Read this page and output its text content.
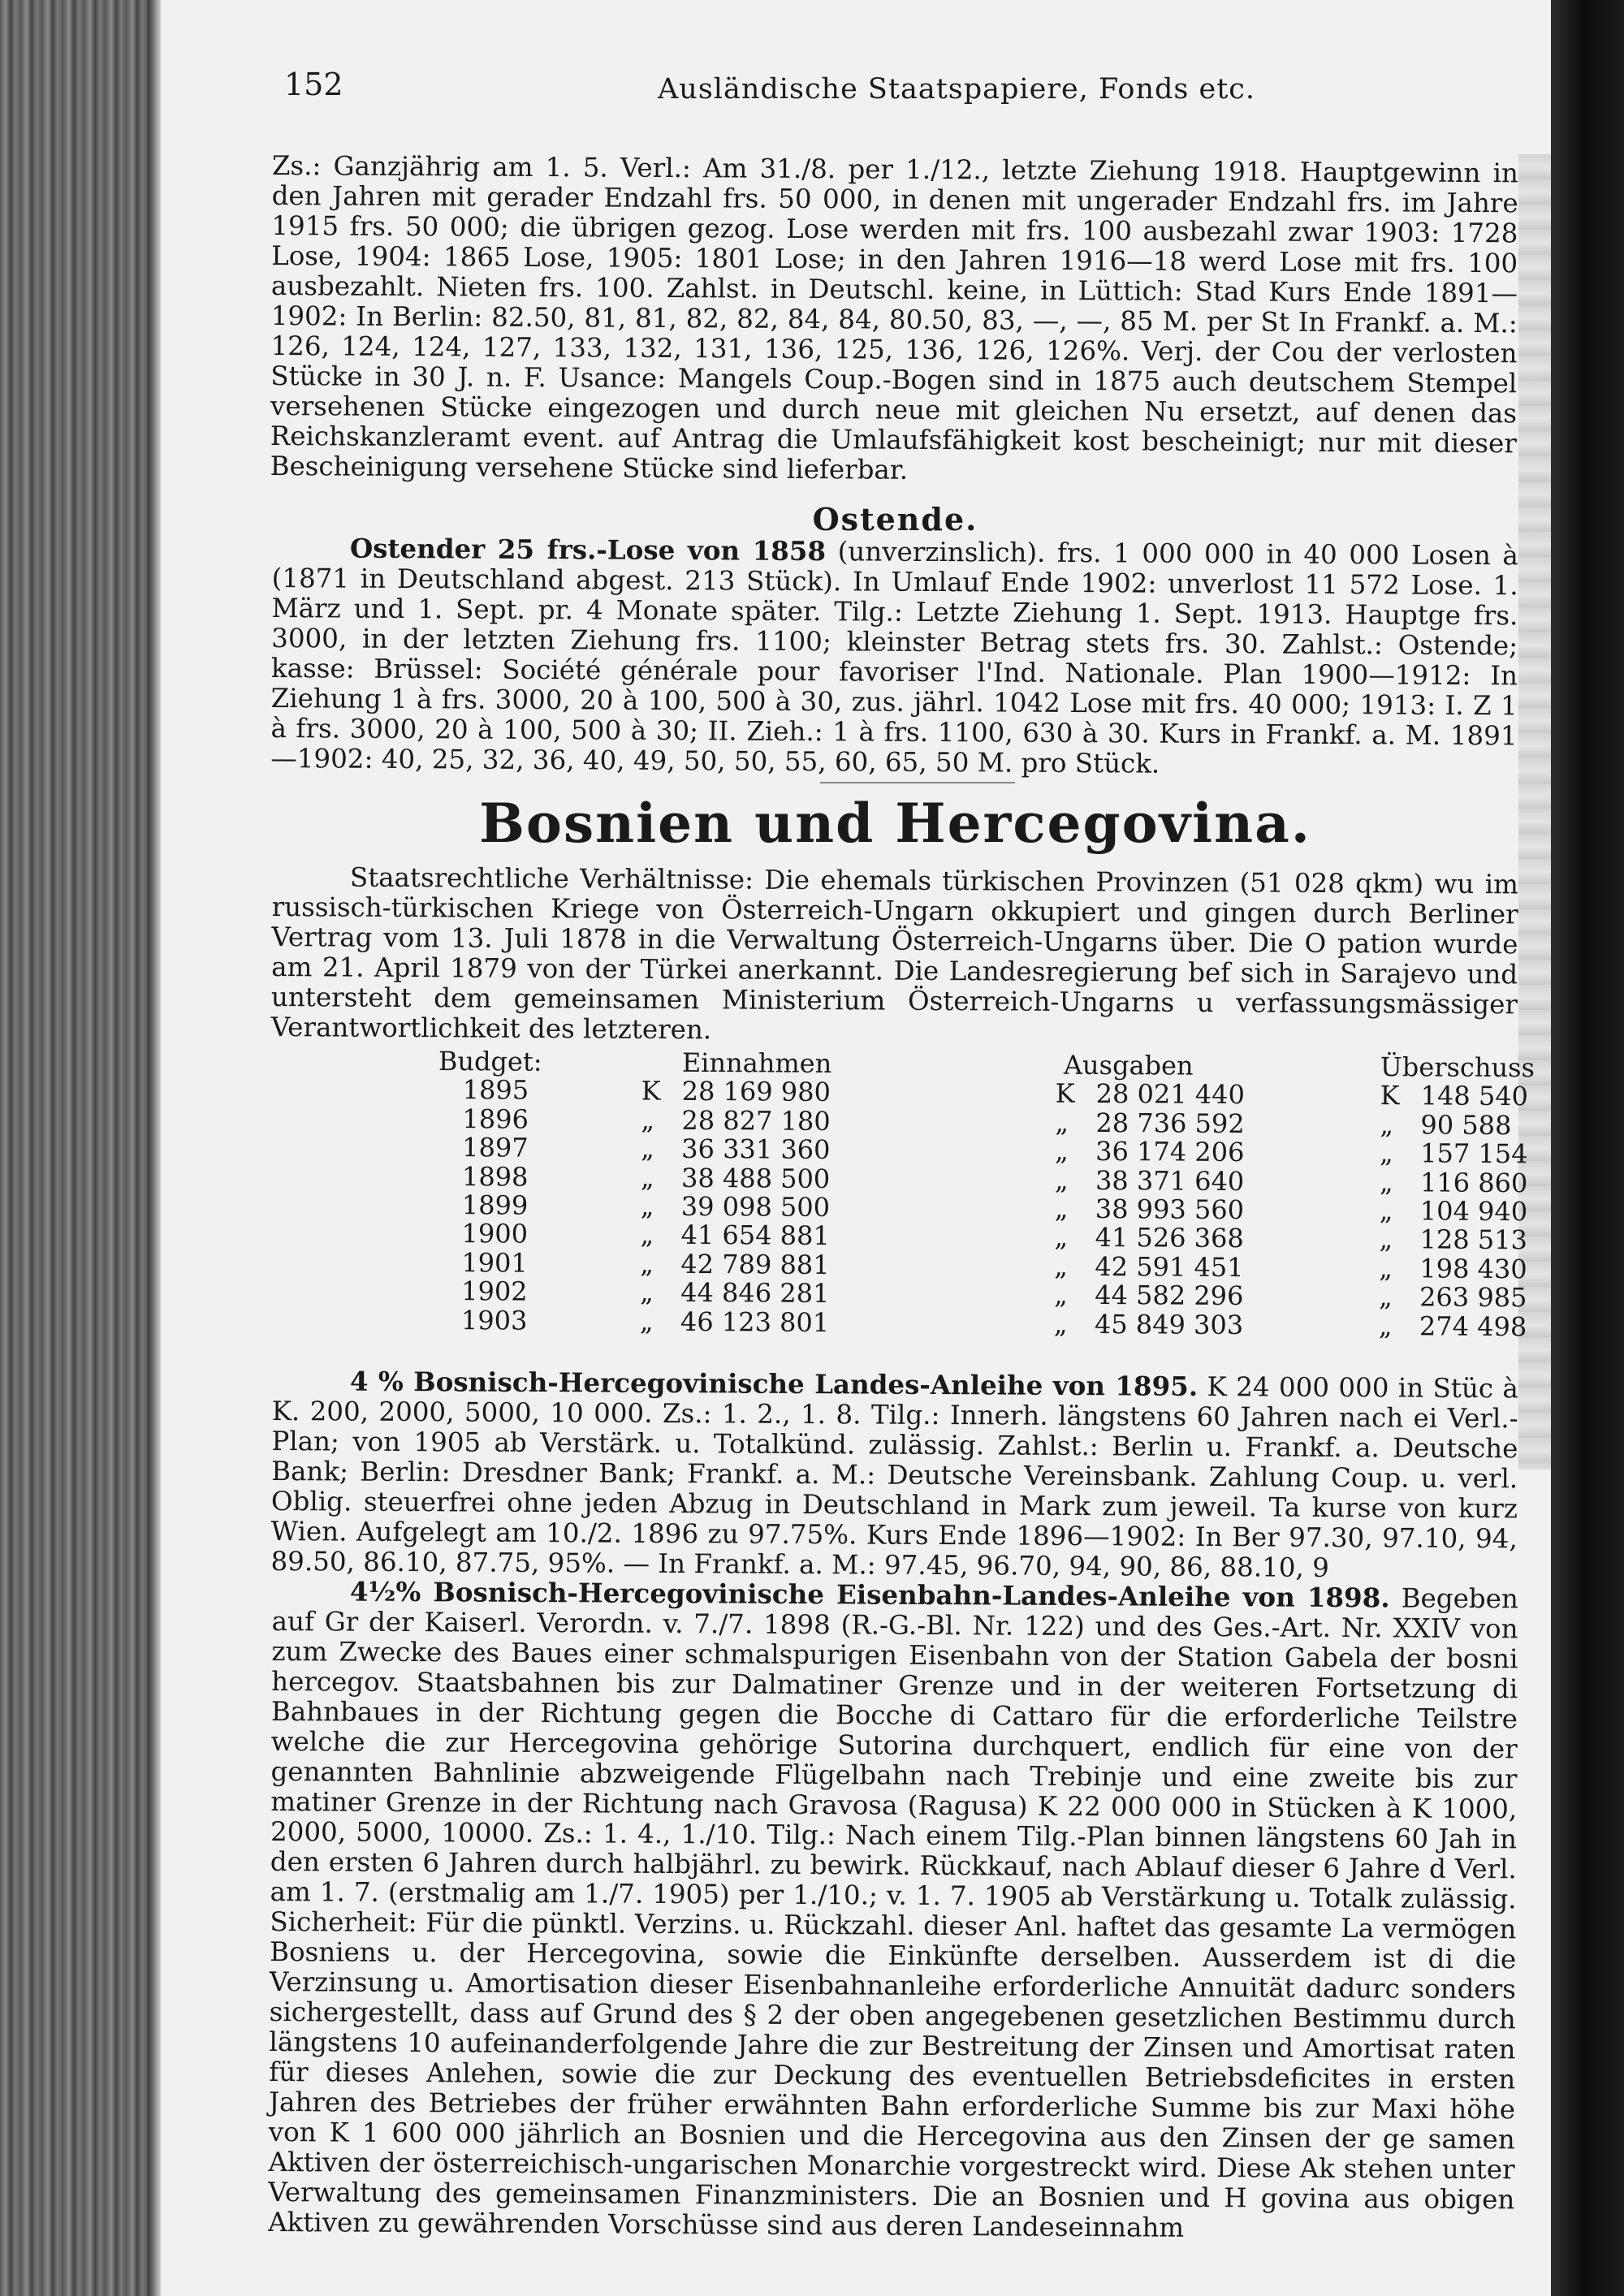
152	Ausländische Staatspapiere, Fonds etc.

Zs.: Ganzjährig am 1. 5. Verl.: Am 31./8. per 1./12., letzte Ziehung 1918. Hauptgewinn in den Jahren mit gerader Endzahl frs. 50 000, in denen mit ungerader Endzahl frs. im Jahre 1915 frs. 50 000; die übrigen gezog. Lose werden mit frs. 100 ausbezahl zwar 1903: 1728 Lose, 1904: 1865 Lose, 1905: 1801 Lose; in den Jahren 1916—18 werd Lose mit frs. 100 ausbezahlt. Nieten frs. 100. Zahlst. in Deutschl. keine, in Lüttich: Stad Kurs Ende 1891—1902: In Berlin: 82.50, 81, 81, 82, 82, 84, 84, 80.50, 83, —, —, 85 M. per St In Frankf. a. M.: 126, 124, 124, 127, 133, 132, 131, 136, 125, 136, 126, 126%. Verj. der Cou der verlosten Stücke in 30 J. n. F. Usance: Mangels Coup.-Bogen sind in 1875 auch deutschem Stempel versehenen Stücke eingezogen und durch neue mit gleichen Nu ersetzt, auf denen das Reichskanzleramt event. auf Antrag die Umlaufsfähigkeit kost bescheinigt; nur mit dieser Bescheinigung versehene Stücke sind lieferbar.

Ostende.

Ostender 25 frs.-Lose von 1858 (unverzinslich). frs. 1 000 000 in 40 000 Losen à (1871 in Deutschland abgest. 213 Stück). In Umlauf Ende 1902: unverlost 11 572 Lose. 1. März und 1. Sept. pr. 4 Monate später. Tilg.: Letzte Ziehung 1. Sept. 1913. Hauptge frs. 3000, in der letzten Ziehung frs. 1100; kleinster Betrag stets frs. 30. Zahlst.: Ostende; kasse: Brüssel: Société générale pour favoriser l'Ind. Nationale. Plan 1900—1912: In Ziehung 1 à frs. 3000, 20 à 100, 500 à 30, zus. jährl. 1042 Lose mit frs. 40 000; 1913: I. Z 1 à frs. 3000, 20 à 100, 500 à 30; II. Zieh.: 1 à frs. 1100, 630 à 30. Kurs in Frankf. a. M. 1891—1902: 40, 25, 32, 36, 40, 49, 50, 50, 55, 60, 65, 50 M. pro Stück.

Bosnien und Hercegovina.

Staatsrechtliche Verhältnisse: Die ehemals türkischen Provinzen (51 028 qkm) wu im russisch-türkischen Kriege von Österreich-Ungarn okkupiert und gingen durch Berliner Vertrag vom 13. Juli 1878 in die Verwaltung Österreich-Ungarns über. Die O pation wurde am 21. April 1879 von der Türkei anerkannt. Die Landesregierung bef sich in Sarajevo und untersteht dem gemeinsamen Ministerium Österreich-Ungarns u verfassungsmässiger Verantwortlichkeit des letzteren.

Budget:	Einnahmen	Ausgaben	Überschuss
1895	K 28 169 980	K 28 021 440	K 148 540
1896	„ 28 827 180	„ 28 736 592	„ 90 588
1897	„ 36 331 360	„ 36 174 206	„ 157 154
1898	„ 38 488 500	„ 38 371 640	„ 116 860
1899	„ 39 098 500	„ 38 993 560	„ 104 940
1900	„ 41 654 881	„ 41 526 368	„ 128 513
1901	„ 42 789 881	„ 42 591 451	„ 198 430
1902	„ 44 846 281	„ 44 582 296	„ 263 985
1903	„ 46 123 801	„ 45 849 303	„ 274 498

4 % Bosnisch-Hercegovinische Landes-Anleihe von 1895. K 24 000 000 in Stüc à K. 200, 2000, 5000, 10 000. Zs.: 1. 2., 1. 8. Tilg.: Innerh. längstens 60 Jahren nach ei Verl.-Plan; von 1905 ab Verstärk. u. Totalkünd. zulässig. Zahlst.: Berlin u. Frankf. a. Deutsche Bank; Berlin: Dresdner Bank; Frankf. a. M.: Deutsche Vereinsbank. Zahlung Coup. u. verl. Oblig. steuerfrei ohne jeden Abzug in Deutschland in Mark zum jeweil. Ta kurse von kurz Wien. Aufgelegt am 10./2. 1896 zu 97.75%. Kurs Ende 1896—1902: In Ber 97.30, 97.10, 94, 89.50, 86.10, 87.75, 95%. — In Frankf. a. M.: 97.45, 96.70, 94, 90, 86, 88.10, 9

4½% Bosnisch-Hercegovinische Eisenbahn-Landes-Anleihe von 1898. Begeben auf Gr der Kaiserl. Verordn. v. 7./7. 1898 (R.-G.-Bl. Nr. 122) und des Ges.-Art. Nr. XXIV von zum Zwecke des Baues einer schmalspurigen Eisenbahn von der Station Gabela der bosni hercegov. Staatsbahnen bis zur Dalmatiner Grenze und in der weiteren Fortsetzung di Bahnbaues in der Richtung gegen die Bocche di Cattaro für die erforderliche Teilstre welche die zur Hercegovina gehörige Sutorina durchquert, endlich für eine von der genannten Bahnlinie abzweigende Flügelbahn nach Trebinje und eine zweite bis zur matiner Grenze in der Richtung nach Gravosa (Ragusa) K 22 000 000 in Stücken à K 1000, 2000, 5000, 10000. Zs.: 1. 4., 1./10. Tilg.: Nach einem Tilg.-Plan binnen längstens 60 Jah in den ersten 6 Jahren durch halbjährl. zu bewirk. Rückkauf, nach Ablauf dieser 6 Jahre d Verl. am 1. 7. (erstmalig am 1./7. 1905) per 1./10.; v. 1. 7. 1905 ab Verstärkung u. Totalk zulässig. Sicherheit: Für die pünktl. Verzins. u. Rückzahl. dieser Anl. haftet das gesamte La vermögen Bosniens u. der Hercegovina, sowie die Einkünfte derselben. Ausserdem ist di die Verzinsung u. Amortisation dieser Eisenbahnanleihe erforderliche Annuität dadurc sonders sichergestellt, dass auf Grund des § 2 der oben angegebenen gesetzlichen Bestimmu durch längstens 10 aufeinanderfolgende Jahre die zur Bestreitung der Zinsen und Amortisat raten für dieses Anlehen, sowie die zur Deckung des eventuellen Betriebsdeficites in ersten Jahren des Betriebes der früher erwähnten Bahn erforderliche Summe bis zur Maxi höhe von K 1 600 000 jährlich an Bosnien und die Hercegovina aus den Zinsen der ge samen Aktiven der österreichisch-ungarischen Monarchie vorgestreckt wird. Diese Ak stehen unter Verwaltung des gemeinsamen Finanzministers. Die an Bosnien und H govina aus obigen Aktiven zu gewährenden Vorschüsse sind aus deren Landeseinnahm
